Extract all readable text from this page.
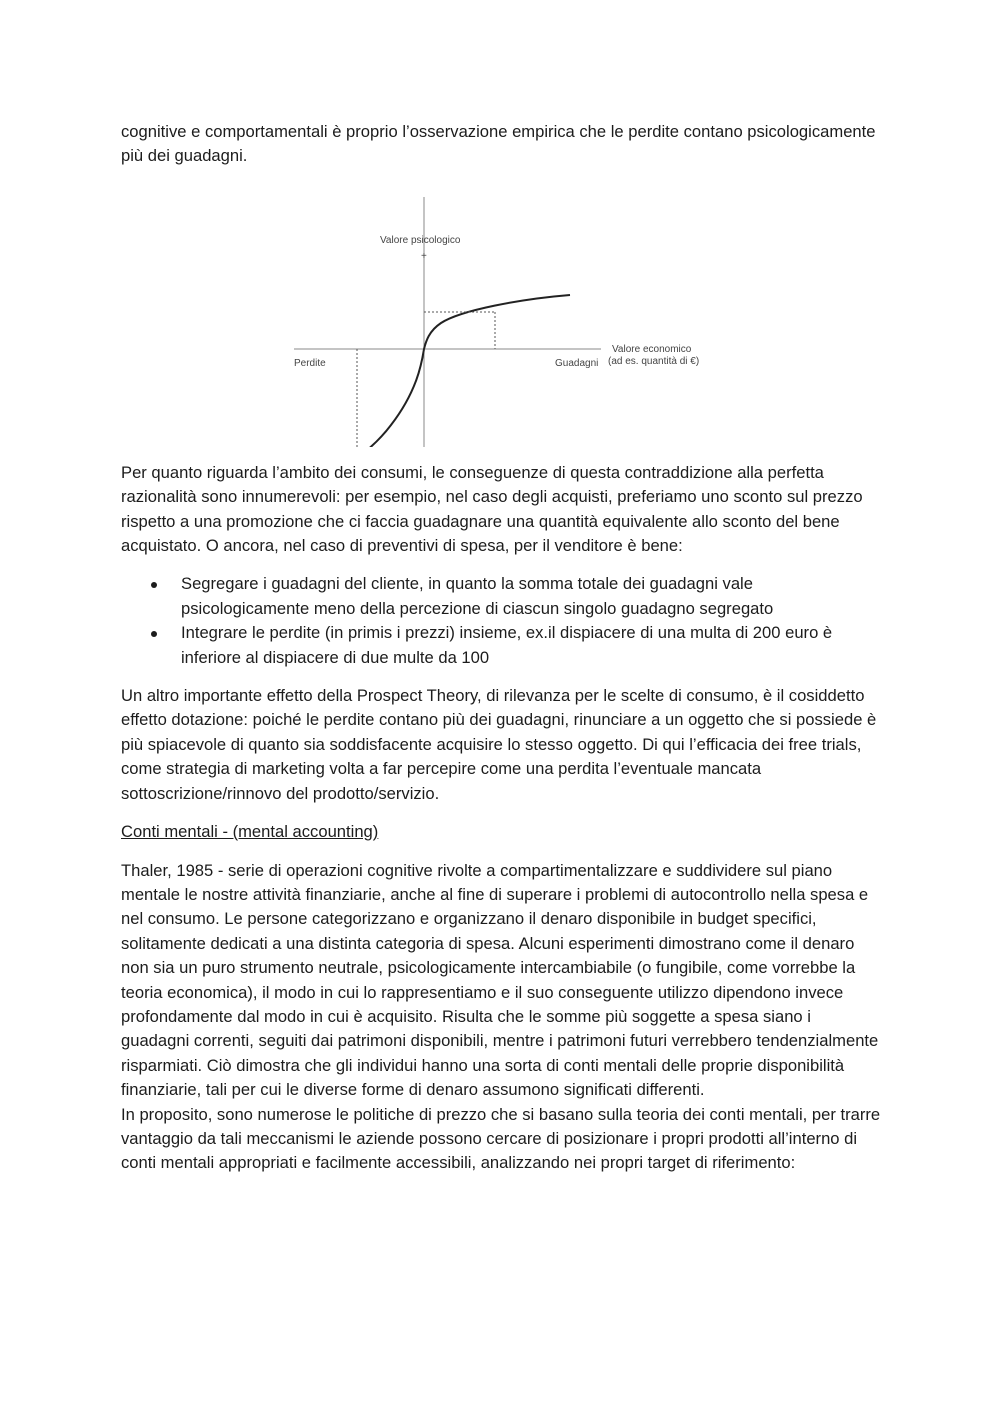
cognitive e comportamentali è proprio l’osservazione empirica che le perdite contano psicologicamente più dei guadagni.

Valore psicologico
+
Perdite	Guadagni
Valore economico
(ad es. quantità di €)

Per quanto riguarda l’ambito dei consumi, le conseguenze di questa contraddizione alla perfetta razionalità sono innumerevoli: per esempio, nel caso degli acquisti, preferiamo uno sconto sul prezzo rispetto a una promozione che ci faccia guadagnare una quantità equivalente allo sconto del bene acquistato. O ancora, nel caso di preventivi di spesa, per il venditore è bene:

Segregare i guadagni del cliente, in quanto la somma totale dei guadagni vale psicologicamente meno della percezione di ciascun singolo guadagno segregato
Integrare le perdite (in primis i prezzi) insieme, ex.il dispiacere di una multa di 200 euro è inferiore al dispiacere di due multe da 100

Un altro importante effetto della Prospect Theory, di rilevanza per le scelte di consumo, è il cosiddetto effetto dotazione: poiché le perdite contano più dei guadagni, rinunciare a un oggetto che si possiede è più spiacevole di quanto sia soddisfacente acquisire lo stesso oggetto. Di qui l’efficacia dei free trials, come strategia di marketing volta a far percepire come una perdita l’eventuale mancata sottoscrizione/rinnovo del prodotto/servizio.

Conti mentali - (mental accounting)

Thaler, 1985 - serie di operazioni cognitive rivolte a compartimentalizzare e suddividere sul piano mentale le nostre attività finanziarie, anche al fine di superare i problemi di autocontrollo nella spesa e nel consumo. Le persone categorizzano e organizzano il denaro disponibile in budget specifici, solitamente dedicati a una distinta categoria di spesa. Alcuni esperimenti dimostrano come il denaro non sia un puro strumento neutrale, psicologicamente intercambiabile (o fungibile, come vorrebbe la teoria economica), il modo in cui lo rappresentiamo e il suo conseguente utilizzo dipendono invece profondamente dal modo in cui è acquisito. Risulta che le somme più soggette a spesa siano i guadagni correnti, seguiti dai patrimoni disponibili, mentre i patrimoni futuri verrebbero tendenzialmente risparmiati. Ciò dimostra che gli individui hanno una sorta di conti mentali delle proprie disponibilità finanziarie, tali per cui le diverse forme di denaro assumono significati differenti.

In proposito, sono numerose le politiche di prezzo che si basano sulla teoria dei conti mentali, per trarre vantaggio da tali meccanismi le aziende possono cercare di posizionare i propri prodotti all’interno di conti mentali appropriati e facilmente accessibili, analizzando nei propri target di riferimento:
